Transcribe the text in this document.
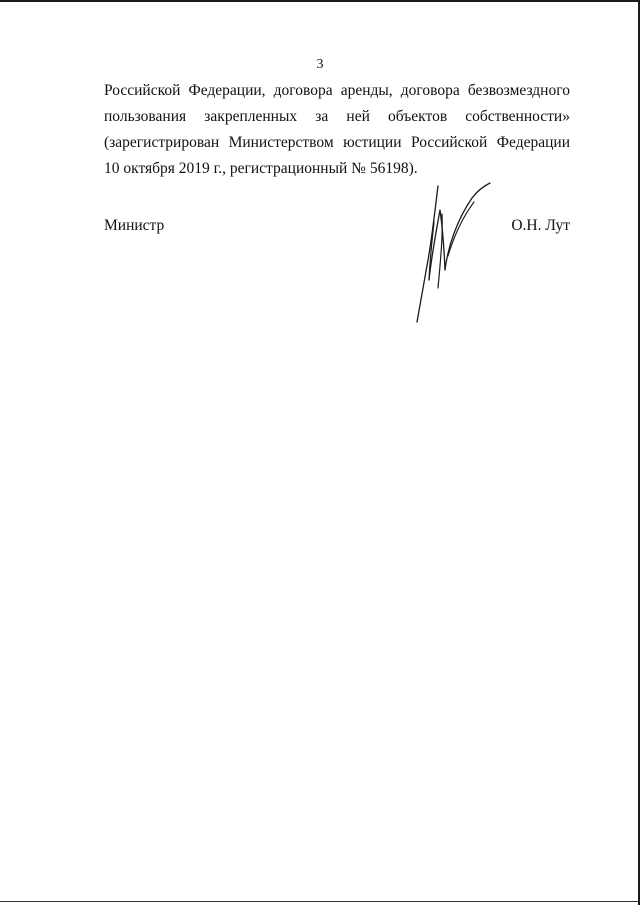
3
Российской Федерации, договора аренды, договора безвозмездного
пользования закрепленных за ней объектов собственности»
(зарегистрирован Министерством юстиции Российской Федерации
10 октября 2019 г., регистрационный № 56198).
Министр	О.Н. Лут
